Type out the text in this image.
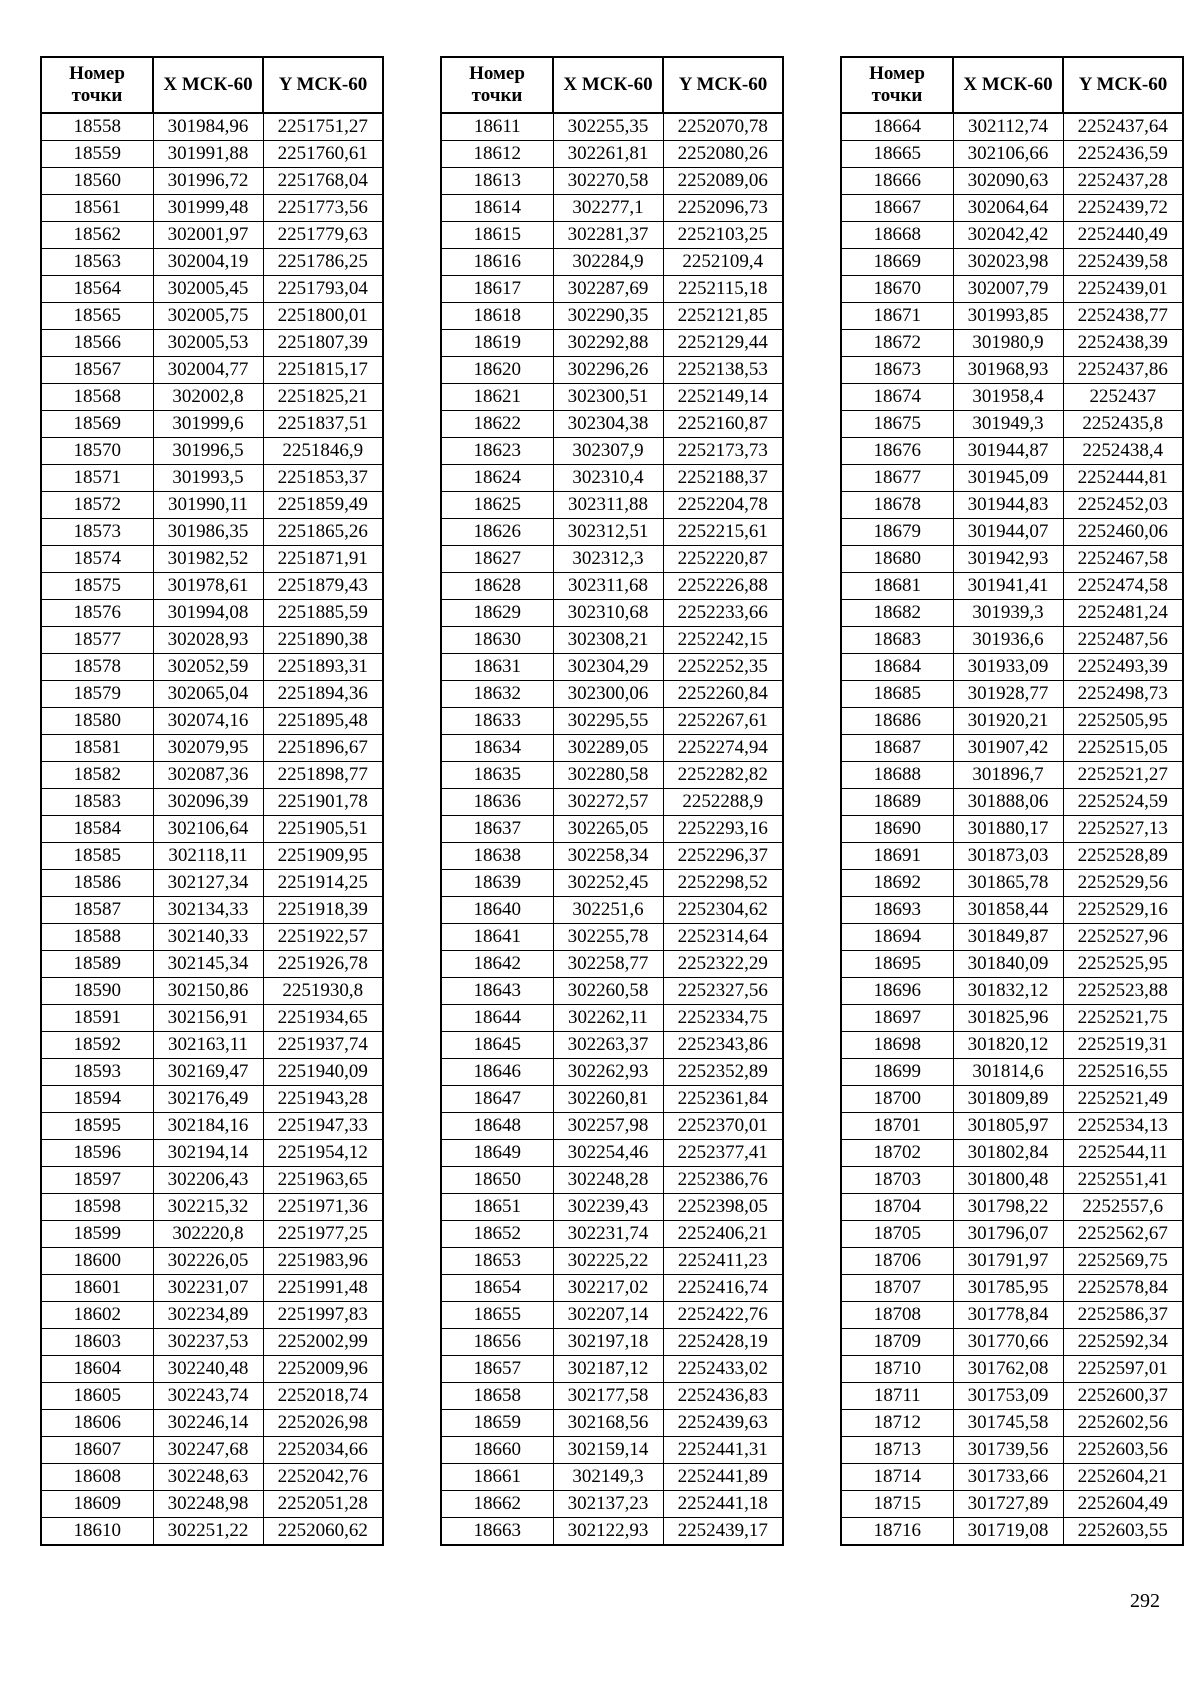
Номер точки	X МСК-60	Y МСК-60
18558	301984,96	2251751,27
18559	301991,88	2251760,61
18560	301996,72	2251768,04
18561	301999,48	2251773,56
18562	302001,97	2251779,63
18563	302004,19	2251786,25
18564	302005,45	2251793,04
18565	302005,75	2251800,01
18566	302005,53	2251807,39
18567	302004,77	2251815,17
18568	302002,8	2251825,21
18569	301999,6	2251837,51
18570	301996,5	2251846,9
18571	301993,5	2251853,37
18572	301990,11	2251859,49
18573	301986,35	2251865,26
18574	301982,52	2251871,91
18575	301978,61	2251879,43
18576	301994,08	2251885,59
18577	302028,93	2251890,38
18578	302052,59	2251893,31
18579	302065,04	2251894,36
18580	302074,16	2251895,48
18581	302079,95	2251896,67
18582	302087,36	2251898,77
18583	302096,39	2251901,78
18584	302106,64	2251905,51
18585	302118,11	2251909,95
18586	302127,34	2251914,25
18587	302134,33	2251918,39
18588	302140,33	2251922,57
18589	302145,34	2251926,78
18590	302150,86	2251930,8
18591	302156,91	2251934,65
18592	302163,11	2251937,74
18593	302169,47	2251940,09
18594	302176,49	2251943,28
18595	302184,16	2251947,33
18596	302194,14	2251954,12
18597	302206,43	2251963,65
18598	302215,32	2251971,36
18599	302220,8	2251977,25
18600	302226,05	2251983,96
18601	302231,07	2251991,48
18602	302234,89	2251997,83
18603	302237,53	2252002,99
18604	302240,48	2252009,96
18605	302243,74	2252018,74
18606	302246,14	2252026,98
18607	302247,68	2252034,66
18608	302248,63	2252042,76
18609	302248,98	2252051,28
18610	302251,22	2252060,62
Номер точки	X МСК-60	Y МСК-60
18611	302255,35	2252070,78
18612	302261,81	2252080,26
18613	302270,58	2252089,06
18614	302277,1	2252096,73
18615	302281,37	2252103,25
18616	302284,9	2252109,4
18617	302287,69	2252115,18
18618	302290,35	2252121,85
18619	302292,88	2252129,44
18620	302296,26	2252138,53
18621	302300,51	2252149,14
18622	302304,38	2252160,87
18623	302307,9	2252173,73
18624	302310,4	2252188,37
18625	302311,88	2252204,78
18626	302312,51	2252215,61
18627	302312,3	2252220,87
18628	302311,68	2252226,88
18629	302310,68	2252233,66
18630	302308,21	2252242,15
18631	302304,29	2252252,35
18632	302300,06	2252260,84
18633	302295,55	2252267,61
18634	302289,05	2252274,94
18635	302280,58	2252282,82
18636	302272,57	2252288,9
18637	302265,05	2252293,16
18638	302258,34	2252296,37
18639	302252,45	2252298,52
18640	302251,6	2252304,62
18641	302255,78	2252314,64
18642	302258,77	2252322,29
18643	302260,58	2252327,56
18644	302262,11	2252334,75
18645	302263,37	2252343,86
18646	302262,93	2252352,89
18647	302260,81	2252361,84
18648	302257,98	2252370,01
18649	302254,46	2252377,41
18650	302248,28	2252386,76
18651	302239,43	2252398,05
18652	302231,74	2252406,21
18653	302225,22	2252411,23
18654	302217,02	2252416,74
18655	302207,14	2252422,76
18656	302197,18	2252428,19
18657	302187,12	2252433,02
18658	302177,58	2252436,83
18659	302168,56	2252439,63
18660	302159,14	2252441,31
18661	302149,3	2252441,89
18662	302137,23	2252441,18
18663	302122,93	2252439,17
Номер точки	X МСК-60	Y МСК-60
18664	302112,74	2252437,64
18665	302106,66	2252436,59
18666	302090,63	2252437,28
18667	302064,64	2252439,72
18668	302042,42	2252440,49
18669	302023,98	2252439,58
18670	302007,79	2252439,01
18671	301993,85	2252438,77
18672	301980,9	2252438,39
18673	301968,93	2252437,86
18674	301958,4	2252437
18675	301949,3	2252435,8
18676	301944,87	2252438,4
18677	301945,09	2252444,81
18678	301944,83	2252452,03
18679	301944,07	2252460,06
18680	301942,93	2252467,58
18681	301941,41	2252474,58
18682	301939,3	2252481,24
18683	301936,6	2252487,56
18684	301933,09	2252493,39
18685	301928,77	2252498,73
18686	301920,21	2252505,95
18687	301907,42	2252515,05
18688	301896,7	2252521,27
18689	301888,06	2252524,59
18690	301880,17	2252527,13
18691	301873,03	2252528,89
18692	301865,78	2252529,56
18693	301858,44	2252529,16
18694	301849,87	2252527,96
18695	301840,09	2252525,95
18696	301832,12	2252523,88
18697	301825,96	2252521,75
18698	301820,12	2252519,31
18699	301814,6	2252516,55
18700	301809,89	2252521,49
18701	301805,97	2252534,13
18702	301802,84	2252544,11
18703	301800,48	2252551,41
18704	301798,22	2252557,6
18705	301796,07	2252562,67
18706	301791,97	2252569,75
18707	301785,95	2252578,84
18708	301778,84	2252586,37
18709	301770,66	2252592,34
18710	301762,08	2252597,01
18711	301753,09	2252600,37
18712	301745,58	2252602,56
18713	301739,56	2252603,56
18714	301733,66	2252604,21
18715	301727,89	2252604,49
18716	301719,08	2252603,55
292
